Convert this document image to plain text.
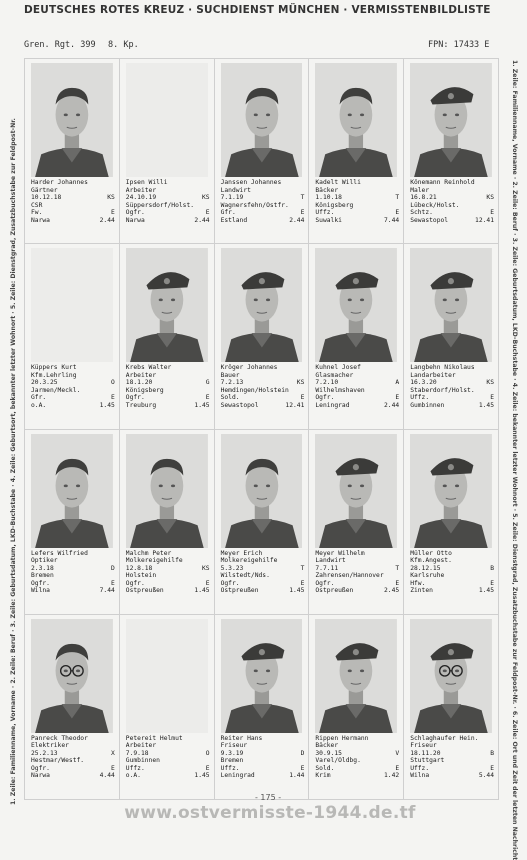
DEUTSCHES ROTES KREUZ · SUCHDIENST MÜNCHEN · VERMISSTENBILDLISTE
Gren. Rgt. 399 8. Kp.	FPN: 17433 E
1. Zeile: Familienname, Vorname · 2. Zeile: Beruf · 3. Zeile: Geburtsdatum, LKD-Buchstabe · 4. Zeile: Geburtsort, bekannter letzter Wohnort · 5. Zeile: Dienstgrad, Zusatzbuchstabe zur Feldpost-Nr.	1. Zeile: Familienname, Vorname · 2. Zeile: Beruf · 3. Zeile: Geburtsdatum, LKD-Buchstabe · 4. Zeile: bekannter letzter Wohnort · 5. Zeile: Dienstgrad, Zusatzbuchstabe zur Feldpost-Nr. · 6. Zeile: Ort und Zeit der letzten Nachricht
Harder Johannes
Gärtner
10.12.18	KS
CSR
Fw.	E
Narwa	2.44
Ipsen Willi
Arbeiter
24.10.19	KS
Süppersdorf/Holst.
Ogfr.	E
Narwa	2.44
Janssen Johannes
Landwirt
7.1.19	T
Wagnersfehn/Ostfr.
Gfr.	E
Estland	2.44
Kadelt Willi
Bäcker
1.10.18	T
Königsberg
Uffz.	E
Suwalki	7.44
Könemann Reinhold
Maler
16.8.21	KS
Lübeck/Holst.
Schtz.	E
Sewastopol	12.41
Küppers Kurt
Kfm.Lehrling
20.3.25	O
Jarmen/Meckl.
Gfr.	E
o.A.	1.45
Krebs Walter
Arbeiter
18.1.20	G
Königsberg
Ogfr.	E
Treuburg	1.45
Kröger Johannes
Bauer
7.2.13	KS
Hemdingen/Holstein
Sold.	E
Sewastopol	12.41
Kuhnel Josef
Glasmacher
7.2.10	A
Wilhelmshaven
Ogfr.	E
Leningrad	2.44
Langbehn Nikolaus
Landarbeiter
16.3.20	KS
Staberdorf/Holst.
Uffz.	E
Gumbinnen	1.45
Lefers Wilfried
Optiker
2.3.18	D
Bremen
Ogfr.	E
Wilna	7.44
Malchm Peter
Molkereigehilfe
12.8.18	KS
Holstein
Ogfr.	E
Ostpreußen	1.45
Meyer Erich
Molkereigehilfe
5.3.23	T
Wilstedt/Nds.
Ogfr.	E
Ostpreußen	1.45
Meyer Wilhelm
Landwirt
7.7.11	T
Zahrensen/Hannover
Ogfr.	E
Ostpreußen	2.45
Müller Otto
Kfm.Angest.
28.12.15	B
Karlsruhe
Hfw.	E
Zinten	1.45
Panreck Theodor
Elektriker
25.2.13	X
Hestmar/Westf.
Ogfr.	E
Narwa	4.44
Petereit Helmut
Arbeiter
7.9.18	O
Gumbinnen
Uffz.	E
o.A.	1.45
Reiter Hans
Friseur
9.3.19	D
Bremen
Uffz.	E
Leningrad	1.44
Rippen Hermann
Bäcker
30.9.15	V
Varel/Oldbg.
Sold.	E
Krim	1.42
Schlaghaufer Hein.
Friseur
18.11.20	B
Stuttgart
Uffz.	E
Wilna	5.44
- 175 -
www.ostvermisste-1944.de.tf
